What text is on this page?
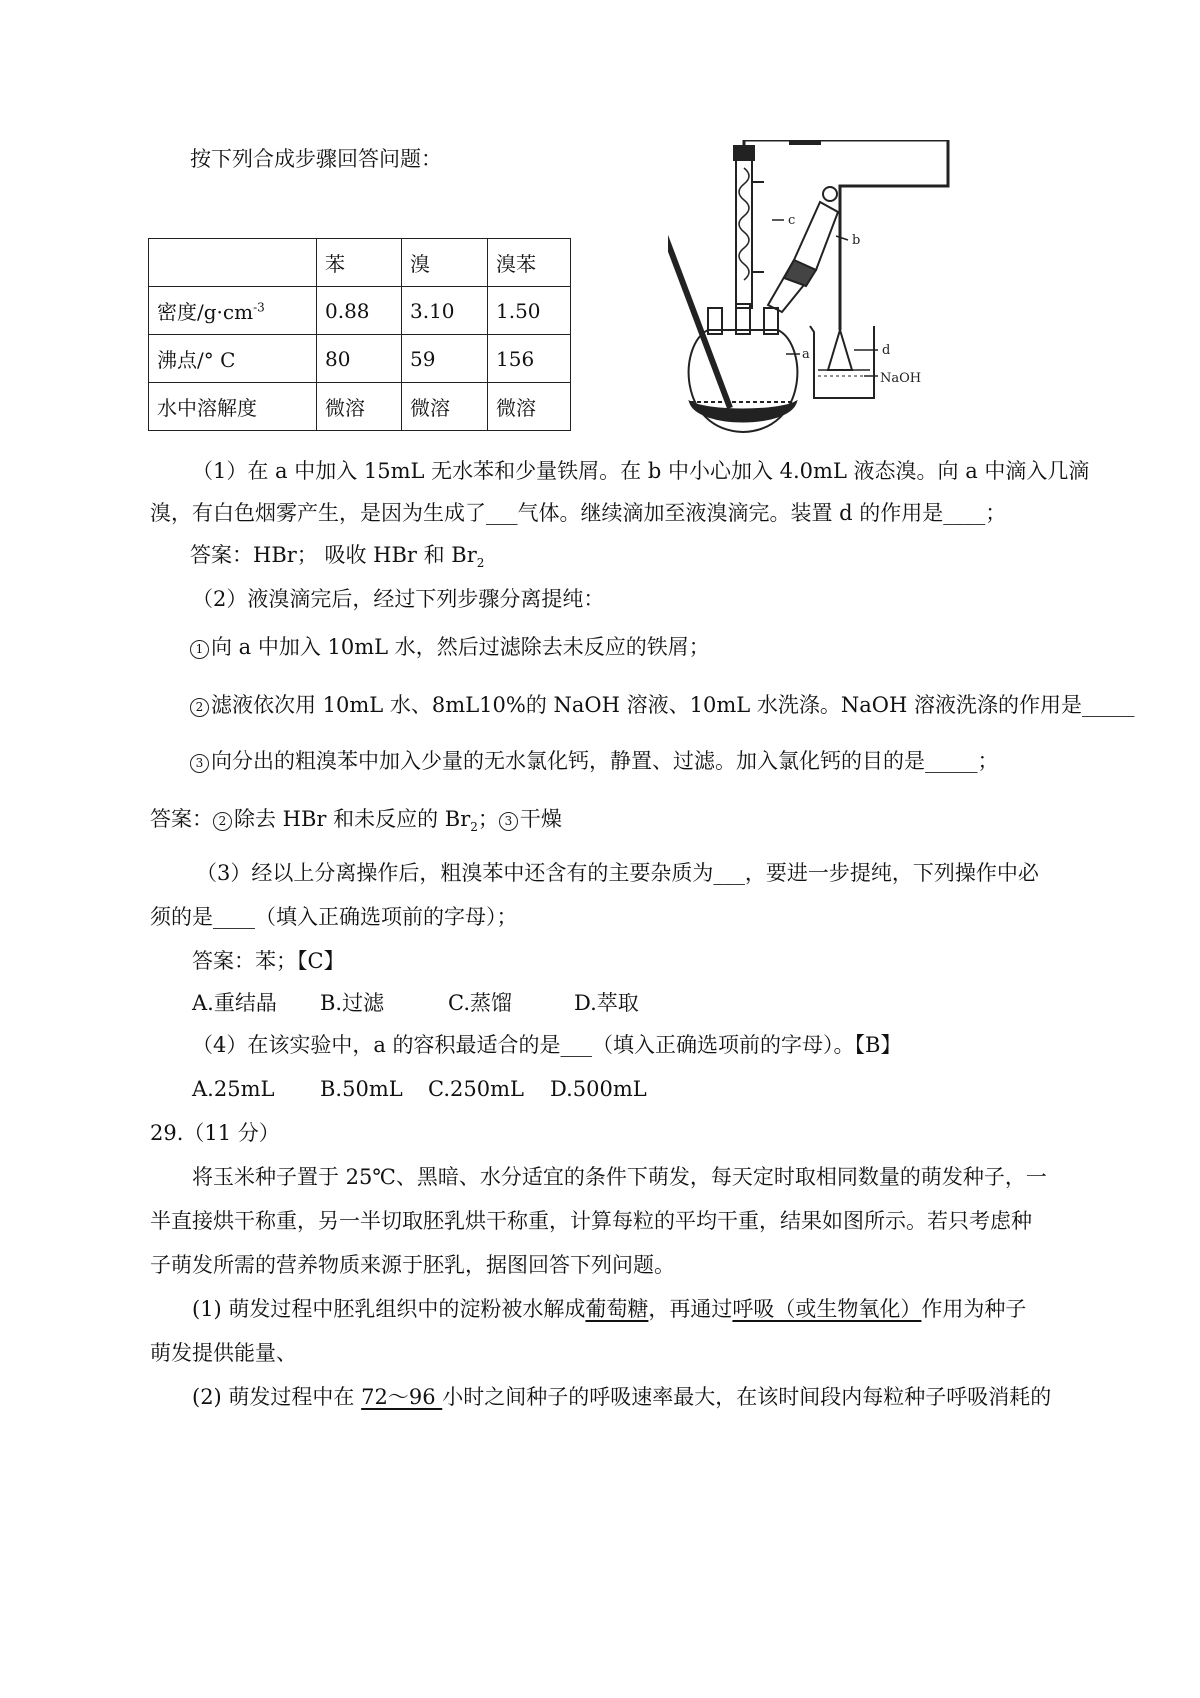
按下列合成步骤回答问题：
	苯	溴	溴苯
密度$/g\cdot cm^{-3}$	0.88	3.10	1.50
沸点/° C	80	59	156
水中溶解度	微溶	微溶	微溶
c
b
a	d
NaOH
（1）在 a 中加入 15mL 无水苯和少量铁屑。在 b 中小心加入 4.0mL 液态溴。向 a 中滴入几滴
溴，有白色烟雾产生，是因为生成了___气体。继续滴加至液溴滴完。装置 d 的作用是____；
答案：HBr； 吸收 HBr 和 $Br_2$
（2）液溴滴完后，经过下列步骤分离提纯：
1 向 a 中加入 10mL 水，然后过滤除去未反应的铁屑；
2 滤液依次用 10mL 水、8mL10%的 NaOH 溶液、10mL 水洗涤。NaOH 溶液洗涤的作用是_____
3 向分出的粗溴苯中加入少量的无水氯化钙，静置、过滤。加入氯化钙的目的是_____；
答案： 2 除去 HBr 和未反应的 $Br_2$； 3 干燥
（3）经以上分离操作后，粗溴苯中还含有的主要杂质为___，要进一步提纯，下列操作中必
须的是____（填入正确选项前的字母）；
答案：苯；【C】
A.重结晶 B.过滤	C.蒸馏	D.萃取
（4）在该实验中，a 的容积最适合的是___（填入正确选项前的字母）。【B】
A.25mL B.50mL C.250mL D.500mL
29.（11 分）
将玉米种子置于 25℃、黑暗、水分适宜的条件下萌发，每天定时取相同数量的萌发种子，一
半直接烘干称重，另一半切取胚乳烘干称重，计算每粒的平均干重，结果如图所示。若只考虑种
子萌发所需的营养物质来源于胚乳，据图回答下列问题。
(1) 萌发过程中胚乳组织中的淀粉被水解成葡萄糖，再通过呼吸（或生物氧化）作用为种子
萌发提供能量、
(2) 萌发过程中在 72～96 小时之间种子的呼吸速率最大，在该时间段内每粒种子呼吸消耗的
